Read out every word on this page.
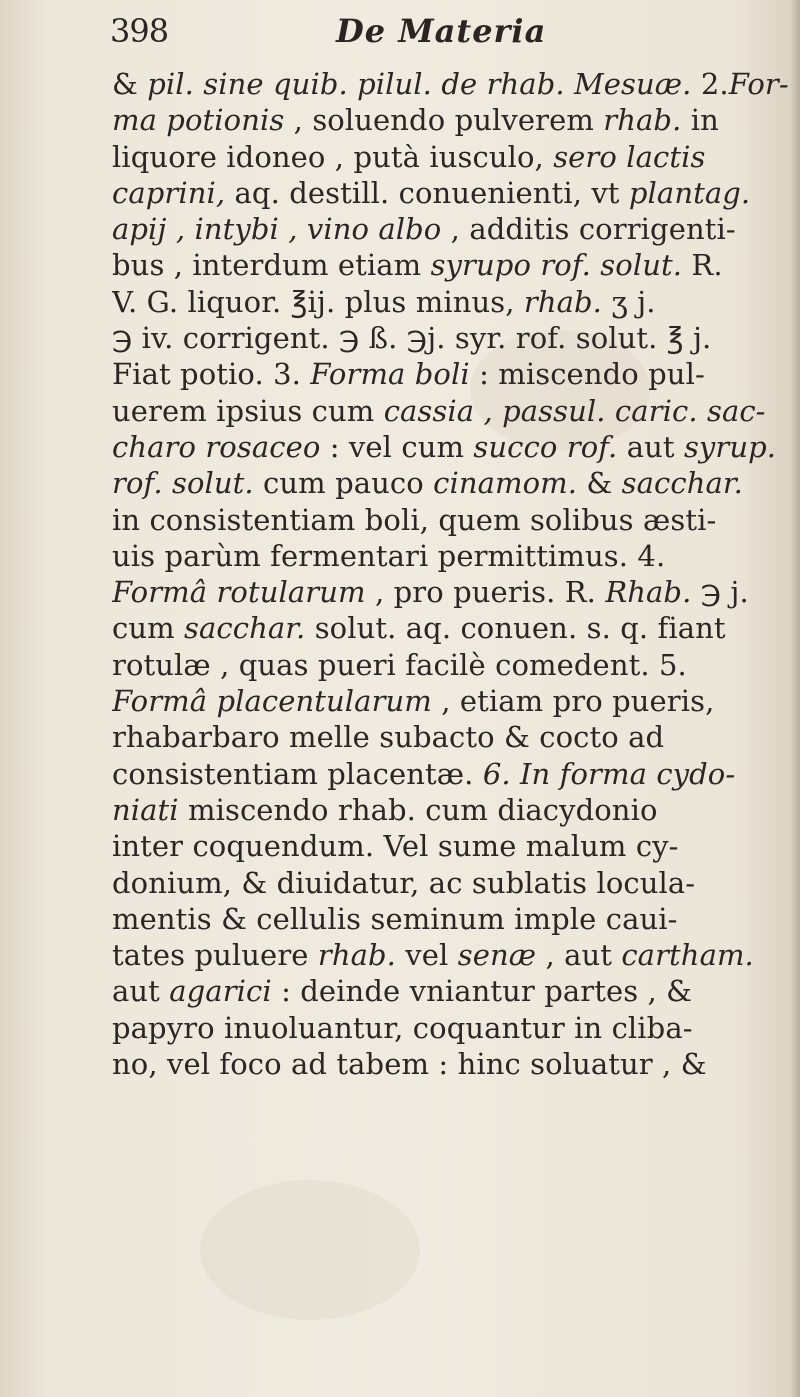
398	De Materia
& pil. sine quib. pilul. de rhab. Mesuæ. 2.For-
ma potionis , soluendo pulverem rhab. in
liquore idoneo , putà iusculo, sero lactis
caprini, aq. destill. conuenienti, vt plantag.
apij , intybi , vino albo , additis corrigenti-
bus , interdum etiam syrupo rof. solut. R.
V. G. liquor. ℥ij. plus minus, rhab. ʒ j.
℈ iv. corrigent. ℈ ß. ℈j. syr. rof. solut. ℥ j.
Fiat potio. 3. Forma boli : miscendo pul-
uerem ipsius cum cassia , passul. caric. sac-
charo rosaceo : vel cum succo rof. aut syrup.
rof. solut. cum pauco cinamom. & sacchar.
in consistentiam boli, quem solibus æsti-
uis parùm fermentari permittimus. 4.
Formâ rotularum , pro pueris. R. Rhab. ℈ j.
cum sacchar. solut. aq. conuen. s. q. fiant
rotulæ , quas pueri facilè comedent. 5.
Formâ placentularum , etiam pro pueris,
rhabarbaro melle subacto & cocto ad
consistentiam placentæ. 6. In forma cydo-
niati miscendo rhab. cum diacydonio
inter coquendum. Vel sume malum cy-
donium, & diuidatur, ac sublatis locula-
mentis & cellulis seminum imple caui-
tates puluere rhab. vel senæ , aut cartham.
aut agarici : deinde vniantur partes , &
papyro inuoluantur, coquantur in cliba-
no, vel foco ad tabem : hinc soluatur , &
